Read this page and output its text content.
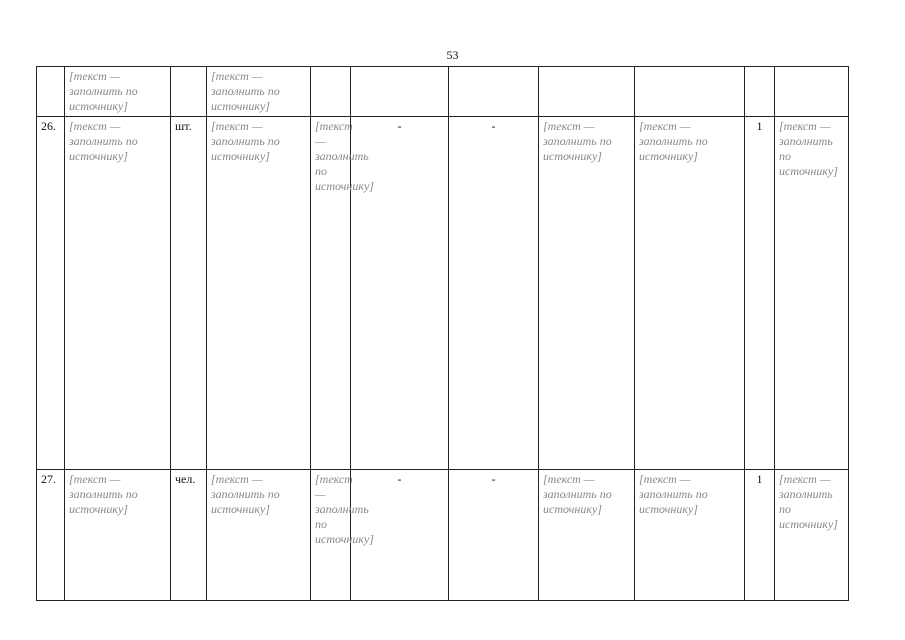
53
	[текст — заполнить по источнику]		[текст — заполнить по источнику]							
26.	[текст — заполнить по источнику]	шт.	[текст — заполнить по источнику]	[текст — заполнить по источнику]	-	-	[текст — заполнить по источнику]	[текст — заполнить по источнику]	1	[текст — заполнить по источнику]
27.	[текст — заполнить по источнику]	чел.	[текст — заполнить по источнику]	[текст — заполнить по источнику]	-	-	[текст — заполнить по источнику]	[текст — заполнить по источнику]	1	[текст — заполнить по источнику]
